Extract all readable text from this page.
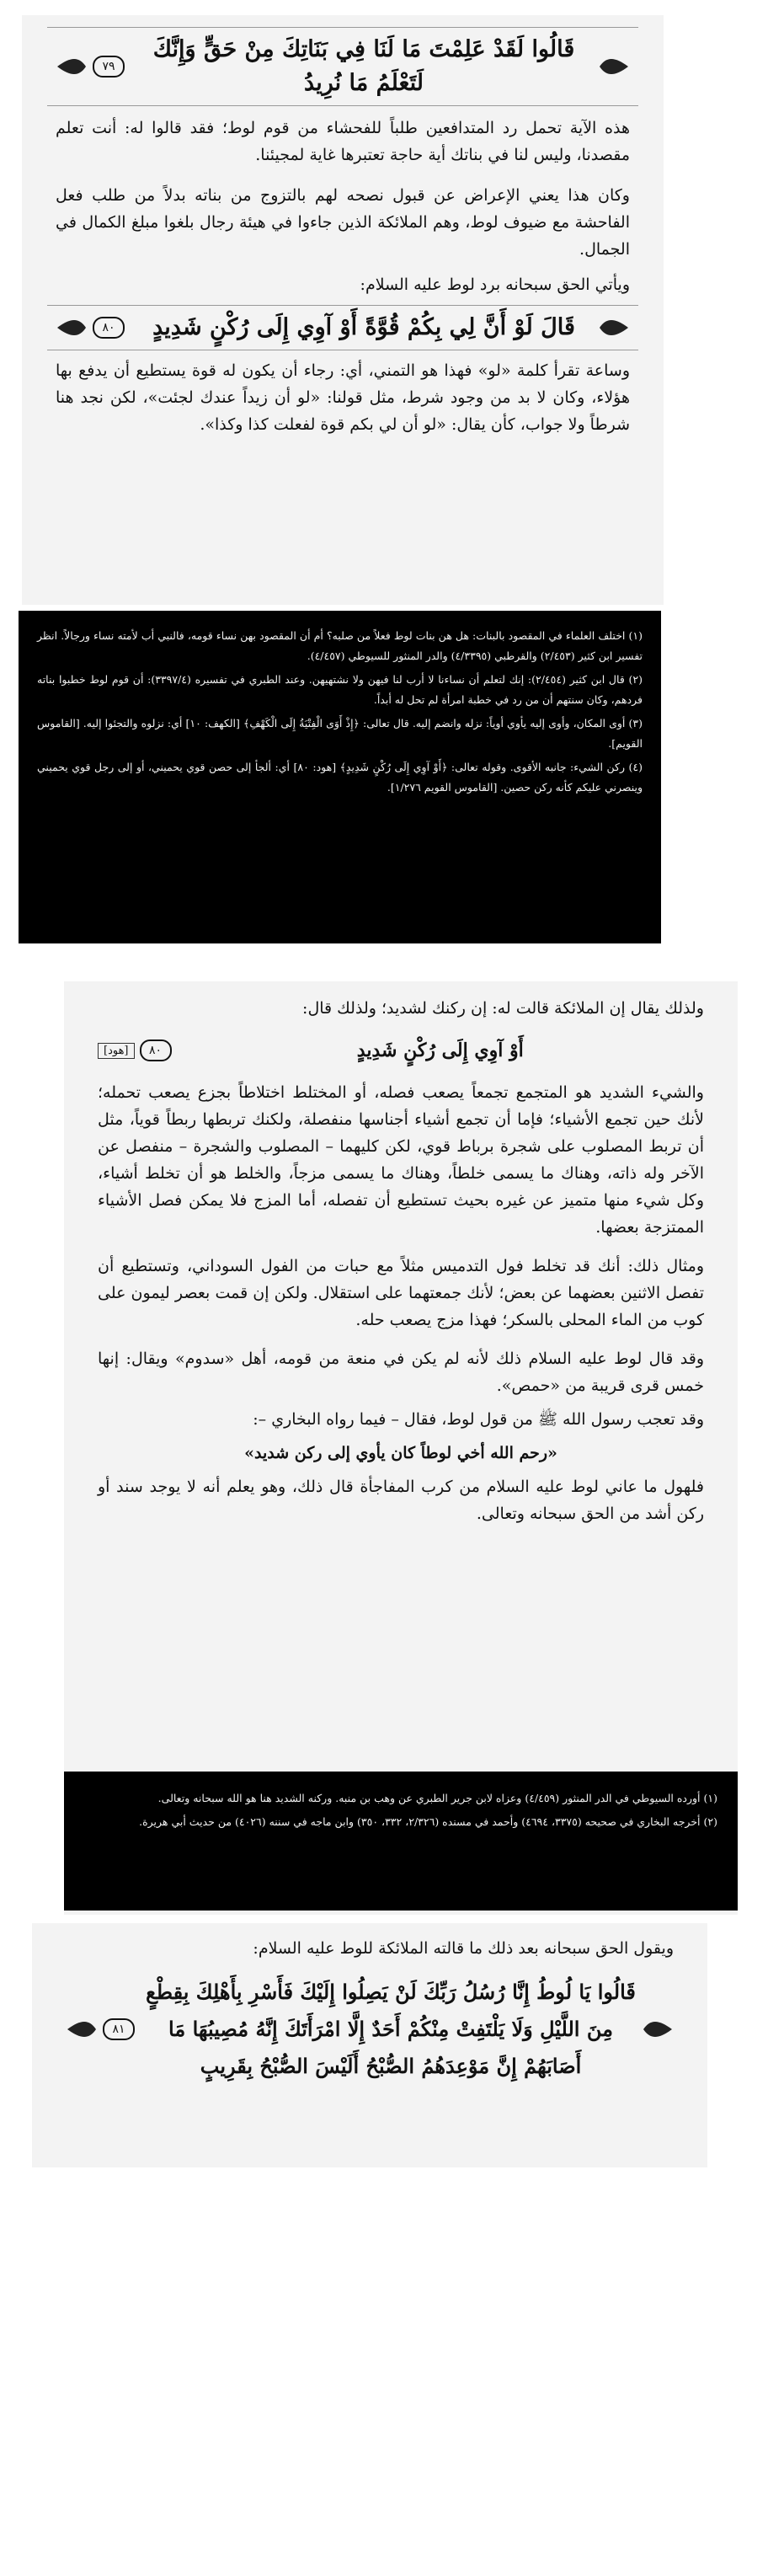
قَالُوا لَقَدْ عَلِمْتَ مَا لَنَا فِي بَنَاتِكَ مِنْ حَقٍّ وَإِنَّكَ لَتَعْلَمُ مَا نُرِيدُ
٧٩

هذه الآية تحمل رد المتدافعين طلباً للفحشاء من قوم لوط؛ فقد قالوا له: أنت تعلم مقصدنا، وليس لنا في بناتك أية حاجة تعتبرها غاية لمجيئنا.

وكان هذا يعني الإعراض عن قبول نصحه لهم بالتزوج من بناته بدلاً من طلب فعل الفاحشة مع ضيوف لوط، وهم الملائكة الذين جاءوا في هيئة رجال بلغوا مبلغ الكمال في الجمال.

ويأتي الحق سبحانه برد لوط عليه السلام:

قَالَ لَوْ أَنَّ لِي بِكُمْ قُوَّةً أَوْ آوِي إِلَى رُكْنٍ شَدِيدٍ
٨٠

وساعة تقرأ كلمة «لو» فهذا هو التمني، أي: رجاء أن يكون له قوة يستطيع أن يدفع بها هؤلاء، وكان لا بد من وجود شرط، مثل قولنا: «لو أن زيداً عندك لجئت»، لكن نجد هنا شرطاً ولا جواب، كأن يقال: «لو أن لي بكم قوة لفعلت كذا وكذا».

(١) اختلف العلماء في المقصود بالبنات: هل هن بنات لوط فعلاً من صلبه؟ أم أن المقصود بهن نساء قومه، فالنبي أب لأمته نساء ورجالاً. انظر تفسير ابن كثير (٢/٤٥٣) والقرطبي (٤/٣٣٩٥) والدر المنثور للسيوطي (٤/٤٥٧).

(٢) قال ابن كثير (٢/٤٥٤): إنك لتعلم أن نساءنا لا أرب لنا فيهن ولا نشتهيهن. وعند الطبري في تفسيره (٣٣٩٧/٤): أن قوم لوط خطبوا بناته فردهم، وكان سنتهم أن من رد في خطبة امرأة لم تحل له أبداً.

(٣) أوى المكان، وأوى إليه يأوي أوياً: نزله وانضم إليه. قال تعالى: ﴿إِذْ أَوَى الْفِتْيَةُ إِلَى الْكَهْفِ﴾ [الكهف: ١٠] أي: نزلوه والتجئوا إليه. [القاموس القويم].

(٤) ركن الشيء: جانبه الأقوى. وقوله تعالى: ﴿أَوْ آوِي إِلَى رُكْنٍ شَدِيدٍ﴾ [هود: ٨٠] أي: ألجأ إلى حصن قوي يحميني، أو إلى رجل قوي يحميني وينصرني عليكم كأنه ركن حصين. [القاموس القويم ١/٢٧٦].

ولذلك يقال إن الملائكة قالت له: إن ركنك لشديد؛ ولذلك قال:

أَوْ آوِي إِلَى رُكْنٍ شَدِيدٍ
٨٠
[هود]

والشيء الشديد هو المتجمع تجمعاً يصعب فصله، أو المختلط اختلاطاً بجزع يصعب تحمله؛ لأنك حين تجمع الأشياء؛ فإما أن تجمع أشياء أجناسها منفصلة، ولكنك تربطها ربطاً قوياً، مثل أن تربط المصلوب على شجرة برباط قوي، لكن كليهما – المصلوب والشجرة – منفصل عن الآخر وله ذاته، وهناك ما يسمى خلطاً، وهناك ما يسمى مزجاً، والخلط هو أن تخلط أشياء، وكل شيء منها متميز عن غيره بحيث تستطيع أن تفصله، أما المزج فلا يمكن فصل الأشياء الممتزجة بعضها.

ومثال ذلك: أنك قد تخلط فول التدميس مثلاً مع حبات من الفول السوداني، وتستطيع أن تفصل الاثنين بعضهما عن بعض؛ لأنك جمعتهما على استقلال. ولكن إن قمت بعصر ليمون على كوب من الماء المحلى بالسكر؛ فهذا مزج يصعب حله.

وقد قال لوط عليه السلام ذلك لأنه لم يكن في منعة من قومه، أهل «سدوم» ويقال: إنها خمس قرى قريبة من «حمص».

وقد تعجب رسول الله ﷺ من قول لوط، فقال – فيما رواه البخاري –:

«رحم الله أخي لوطاً كان يأوي إلى ركن شديد»

فلهول ما عاني لوط عليه السلام من كرب المفاجأة قال ذلك، وهو يعلم أنه لا يوجد سند أو ركن أشد من الحق سبحانه وتعالى.

(١) أورده السيوطي في الدر المنثور (٤/٤٥٩) وعزاه لابن جرير الطبري عن وهب بن منبه. وركنه الشديد هنا هو الله سبحانه وتعالى.

(٢) أخرجه البخاري في صحيحه (٣٣٧٥، ٤٦٩٤) وأحمد في مسنده (٢/٣٢٦، ٣٣٢، ٣٥٠) وابن ماجه في سننه (٤٠٢٦) من حديث أبي هريرة.

ويقول الحق سبحانه بعد ذلك ما قالته الملائكة للوط عليه السلام:

قَالُوا يَا لُوطُ إِنَّا رُسُلُ رَبِّكَ لَنْ يَصِلُوا إِلَيْكَ فَأَسْرِ بِأَهْلِكَ بِقِطْعٍ مِنَ اللَّيْلِ وَلَا يَلْتَفِتْ مِنْكُمْ أَحَدٌ إِلَّا امْرَأَتَكَ إِنَّهُ مُصِيبُهَا مَا أَصَابَهُمْ إِنَّ مَوْعِدَهُمُ الصُّبْحُ أَلَيْسَ الصُّبْحُ بِقَرِيبٍ
٨١
